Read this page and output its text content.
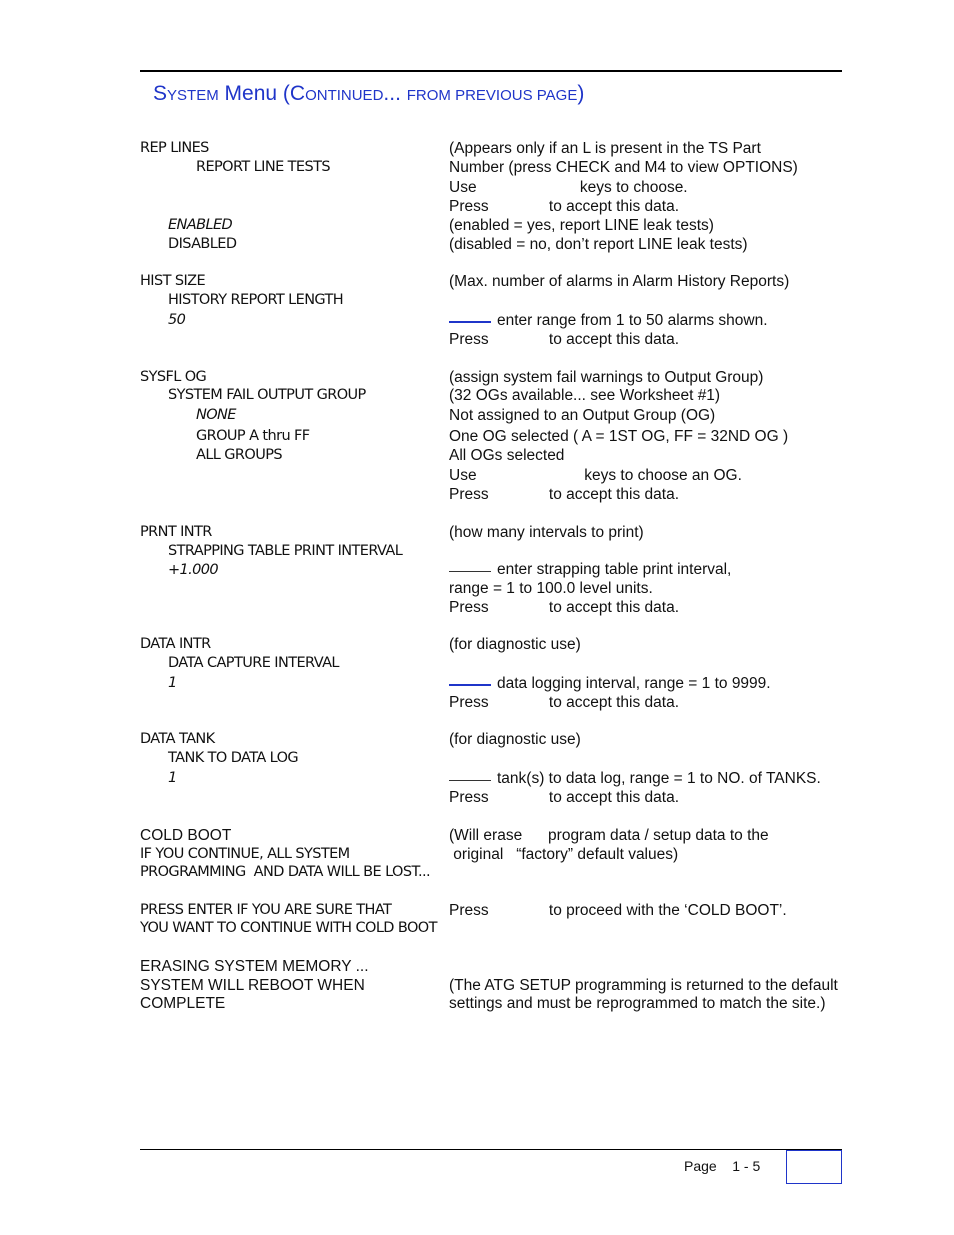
SYSTEM Menu (CONTINUED... FROM PREVIOUS PAGE)
REP LINES
REPORT LINE TESTS
ENABLED
DISABLED
(Appears only if an L is present in the TS Part
Number (press CHECK and M4 to view OPTIONS)
Use                        keys to choose.
Press              to accept this data.
(enabled = yes, report LINE leak tests)
(disabled = no, don’t report LINE leak tests)
HIST SIZE
HISTORY REPORT LENGTH
50
(Max. number of alarms in Alarm History Reports)
enter range from 1 to 50 alarms shown.
Press              to accept this data.
SYSFL OG
SYSTEM FAIL OUTPUT GROUP
NONE
GROUP A thru FF
ALL GROUPS
(assign system fail warnings to Output Group)
(32 OGs available... see Worksheet #1)
Not assigned to an Output Group (OG)
One OG selected ( A = 1ST OG, FF = 32ND OG )
All OGs selected
Use                         keys to choose an OG.
Press              to accept this data.
PRNT INTR
STRAPPING TABLE PRINT INTERVAL
+1.000
(how many intervals to print)
enter strapping table print interval,
range = 1 to 100.0 level units.
Press              to accept this data.
DATA INTR
DATA CAPTURE INTERVAL
1
(for diagnostic use)
data logging interval, range = 1 to 9999.
Press              to accept this data.
DATA TANK
TANK TO DATA LOG
1
(for diagnostic use)
tank(s) to data log, range = 1 to NO. of TANKS.
Press              to accept this data.
COLD BOOT
IF YOU CONTINUE, ALL SYSTEM
PROGRAMMING  AND DATA WILL BE LOST...
(Will erase      program data / setup data to the
original   “factory” default values)
PRESS ENTER IF YOU ARE SURE THAT
YOU WANT TO CONTINUE WITH COLD BOOT
Press              to proceed with the ‘COLD BOOT’.
ERASING SYSTEM MEMORY ...
SYSTEM WILL REBOOT WHEN
COMPLETE
(The ATG SETUP programming is returned to the default
settings and must be reprogrammed to match the site.)
Page    1 - 5
